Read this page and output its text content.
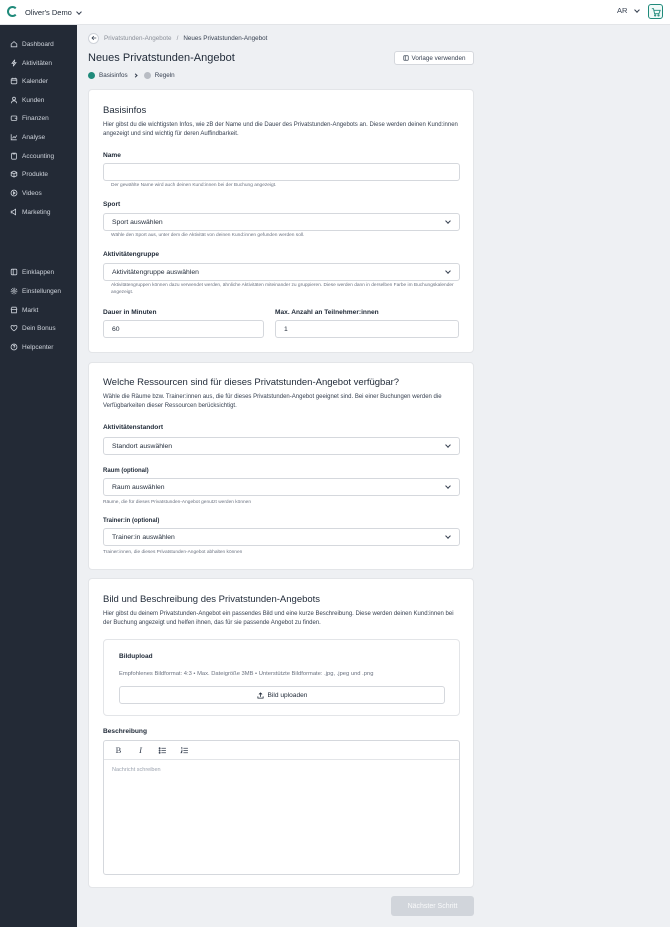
Oliver's Demo	AR
Dashboard
Aktivitäten
Kalender
Kunden
Finanzen
Analyse
Accounting
Produkte
Videos
Marketing
Einklappen
Einstellungen
Markt
Dein Bonus
Helpcenter
Privatstunden-Angebote / Neues Privatstunden-Angebot
Neues Privatstunden-Angebot	Vorlage verwenden
Basisinfos	Regeln
Basisinfos
Hier gibst du die wichtigsten Infos, wie zB der Name und die Dauer des Privatstunden-Angebots an. Diese werden deinen Kund:innen angezeigt und sind wichtig für deren Auffindbarkeit.
Name
Der gewählte Name wird auch deinen Kund:innen bei der Buchung angezeigt.
Sport
Sport auswählen
Wähle den Sport aus, unter dem die Aktivität von deinen Kund:innen gefunden werden soll.
Aktivitätengruppe
Aktivitätengruppe auswählen
Aktivitätengruppen können dazu verwendet werden, ähnliche Aktivitäten miteinander zu gruppieren. Diese werden dann in derselben Farbe im Buchungskalender angezeigt.
Dauer in Minuten
60
Max. Anzahl an Teilnehmer:innen
1
Welche Ressourcen sind für dieses Privatstunden-Angebot verfügbar?
Wähle die Räume bzw. Trainer:innen aus, die für dieses Privatstunden-Angebot geeignet sind. Bei einer Buchungen werden die Verfügbarkeiten dieser Ressourcen berücksichtigt.
Aktivitätenstandort
Standort auswählen
Raum (optional)
Raum auswählen
Räume, die für dieses Privatstunden-Angebot genutzt werden können
Trainer:in (optional)
Trainer:in auswählen
Trainer:innen, die dieses Privatstunden-Angebot abhalten können
Bild und Beschreibung des Privatstunden-Angebots
Hier gibst du deinem Privatstunden-Angebot ein passendes Bild und eine kurze Beschreibung. Diese werden deinen Kund:innen bei der Buchung angezeigt und helfen ihnen, das für sie passende Angebot zu finden.
Bildupload
Empfohlenes Bildformat: 4:3 • Max. Dateigröße 3MB • Unterstützte Bildformate: .jpg, .jpeg und .png
Bild uploaden
Beschreibung
B	I
Nachricht schreiben
Nächster Schritt
